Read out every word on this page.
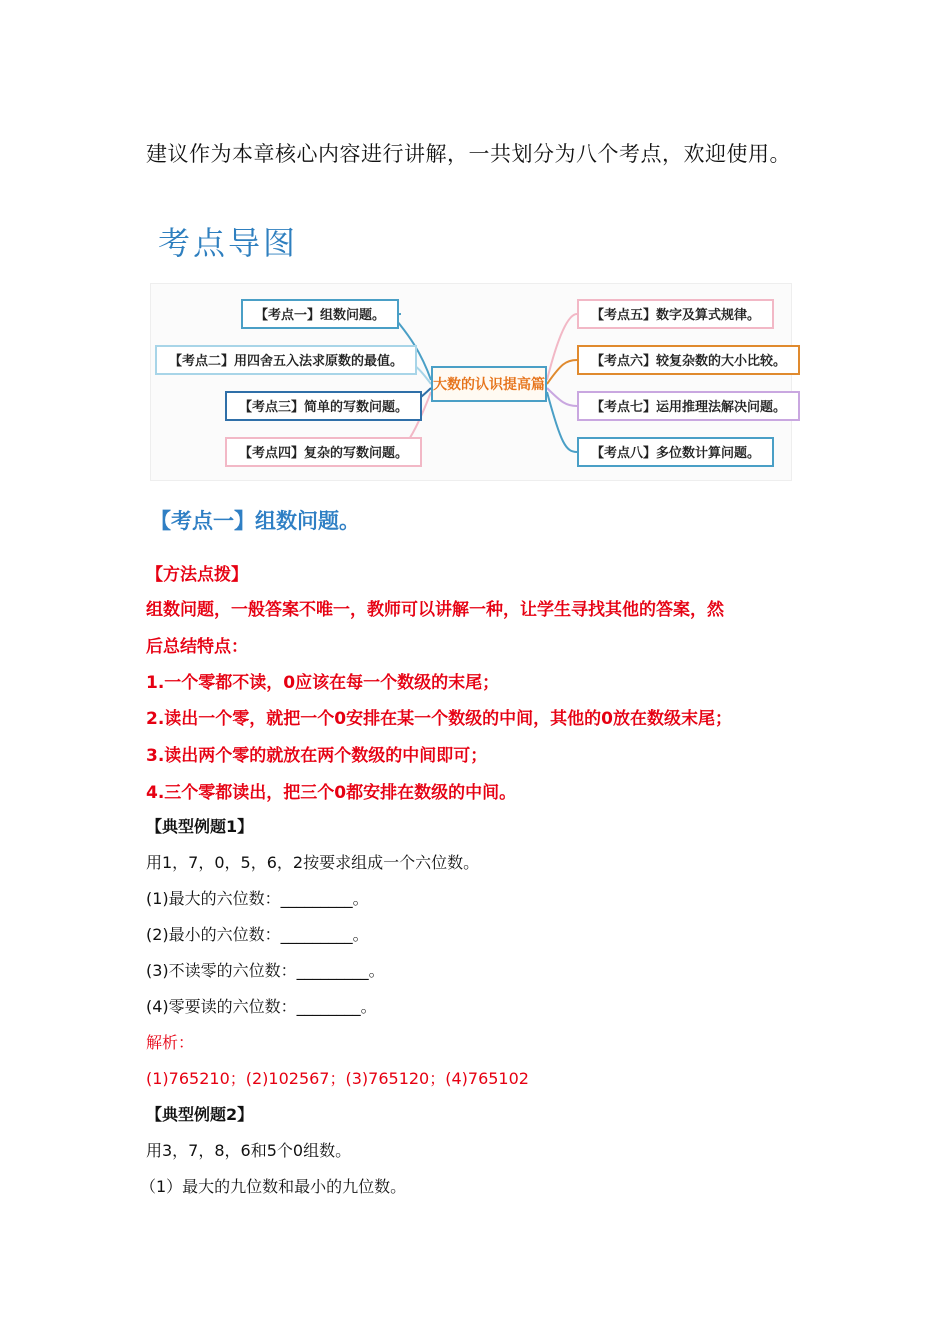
建议作为本章核心内容进行讲解，一共划分为八个考点，欢迎使用。
考点导图
大数的认识提高篇
【考点一】组数问题。
【考点二】用四舍五入法求原数的最值。
【考点三】简单的写数问题。
【考点四】复杂的写数问题。
【考点五】数字及算式规律。
【考点六】较复杂数的大小比较。
【考点七】运用推理法解决问题。
【考点八】多位数计算问题。
【考点一】组数问题。
【方法点拨】
组数问题，一般答案不唯一，教师可以讲解一种，让学生寻找其他的答案，然
后总结特点：
1.一个零都不读，0应该在每一个数级的末尾；
2.读出一个零，就把一个0安排在某一个数级的中间，其他的0放在数级末尾；
3.读出两个零的就放在两个数级的中间即可；
4.三个零都读出，把三个0都安排在数级的中间。
【典型例题1】
用1，7，0，5，6，2按要求组成一个六位数。
(1)最大的六位数：_________。
(2)最小的六位数：_________。
(3)不读零的六位数：_________。
(4)零要读的六位数：________。
解析：
(1)765210；(2)102567；(3)765120；(4)765102
【典型例题2】
用3，7，8，6和5个0组数。
（1）最大的九位数和最小的九位数。
